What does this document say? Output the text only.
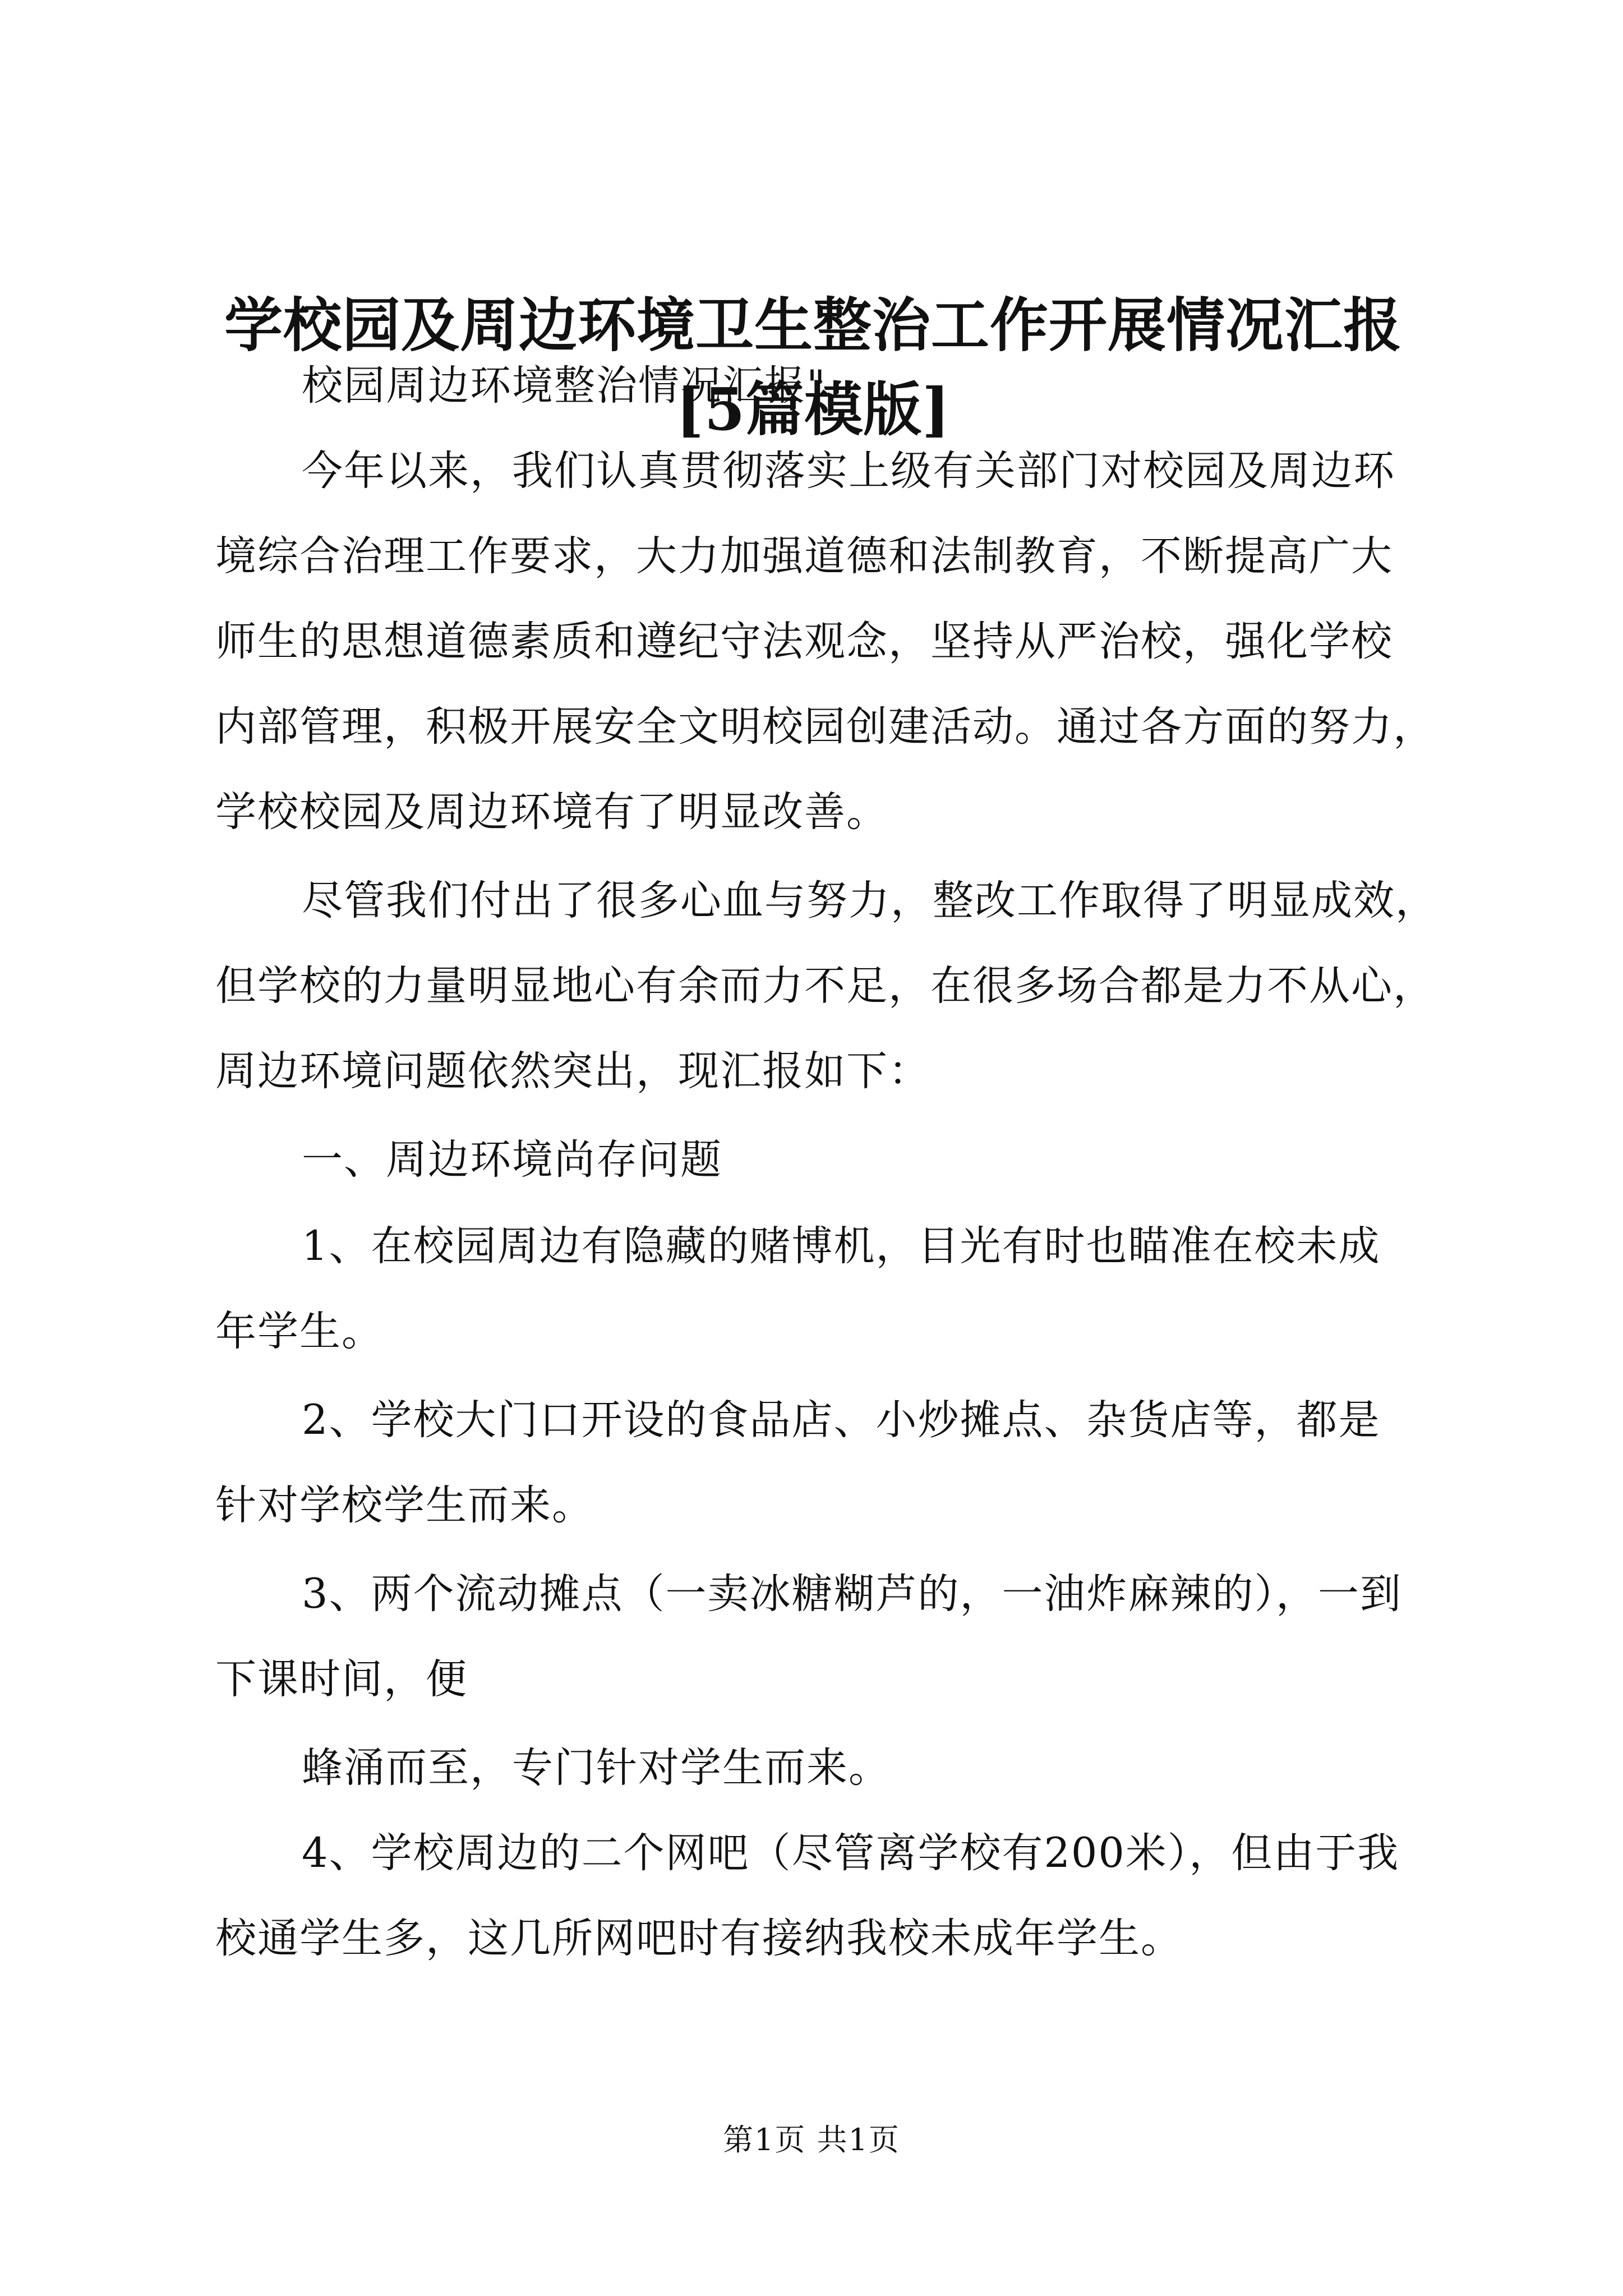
学校园及周边环境卫生整治工作开展情况汇报
[5篇模版]
校园周边环境整治情况汇报"
今年以来，我们认真贯彻落实上级有关部门对校园及周边环
境综合治理工作要求，大力加强道德和法制教育，不断提高广大
师生的思想道德素质和遵纪守法观念，坚持从严治校，强化学校
内部管理，积极开展安全文明校园创建活动。通过各方面的努力，
学校校园及周边环境有了明显改善。
尽管我们付出了很多心血与努力，整改工作取得了明显成效，
但学校的力量明显地心有余而力不足，在很多场合都是力不从心，
周边环境问题依然突出，现汇报如下：
一、周边环境尚存问题
1、在校园周边有隐藏的赌博机，目光有时也瞄准在校未成
年学生。
2、学校大门口开设的食品店、小炒摊点、杂货店等，都是
针对学校学生而来。
3、两个流动摊点（一卖冰糖糊芦的，一油炸麻辣的），一到
下课时间，便
蜂涌而至，专门针对学生而来。
4、学校周边的二个网吧（尽管离学校有200米），但由于我
校通学生多，这几所网吧时有接纳我校未成年学生。
第1页 共1页
